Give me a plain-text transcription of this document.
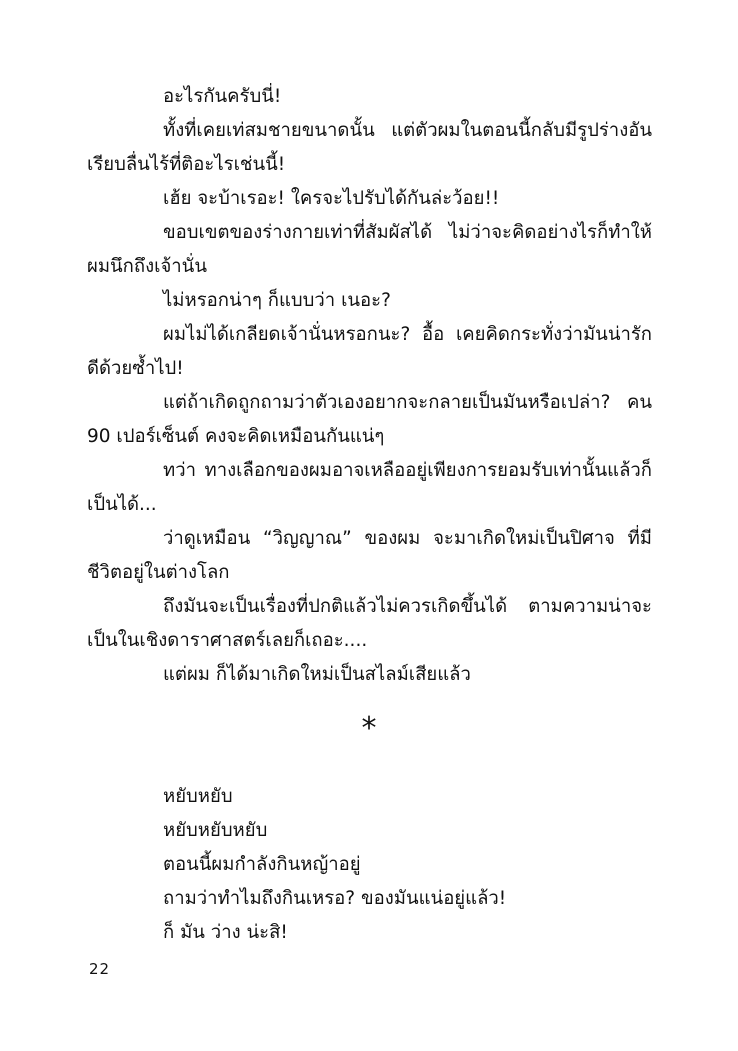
อะไรกันครับนี่!

ทั้งที่เคยเท่สมชายขนาดนั้น แต่ตัวผมในตอนนี้กลับมีรูปร่างอันเรียบลื่นไร้ที่ติอะไรเช่นนี้!

เฮ้ย จะบ้าเรอะ! ใครจะไปรับได้กันล่ะว้อย!!

ขอบเขตของร่างกายเท่าที่สัมผัสได้ ไม่ว่าจะคิดอย่างไรก็ทำให้ผมนึกถึงเจ้านั่น

ไม่หรอกน่าๆ ก็แบบว่า เนอะ?

ผมไม่ได้เกลียดเจ้านั่นหรอกนะ? อื้อ เคยคิดกระทั่งว่ามันน่ารักดีด้วยซ้ำไป!

แต่ถ้าเกิดถูกถามว่าตัวเองอยากจะกลายเป็นมันหรือเปล่า? คน 90 เปอร์เซ็นต์ คงจะคิดเหมือนกันแน่ๆ

ทว่า ทางเลือกของผมอาจเหลืออยู่เพียงการยอมรับเท่านั้นแล้วก็เป็นได้...

ว่าดูเหมือน “วิญญาณ” ของผม จะมาเกิดใหม่เป็นปิศาจ ที่มีชีวิตอยู่ในต่างโลก

ถึงมันจะเป็นเรื่องที่ปกติแล้วไม่ควรเกิดขึ้นได้ ตามความน่าจะเป็นในเชิงดาราศาสตร์เลยก็เถอะ....

แต่ผม ก็ได้มาเกิดใหม่เป็นสไลม์เสียแล้ว

*

หยับหยับ

หยับหยับหยับ

ตอนนี้ผมกำลังกินหญ้าอยู่

ถามว่าทำไมถึงกินเหรอ? ของมันแน่อยู่แล้ว!

ก็ มัน ว่าง น่ะสิ!

22
